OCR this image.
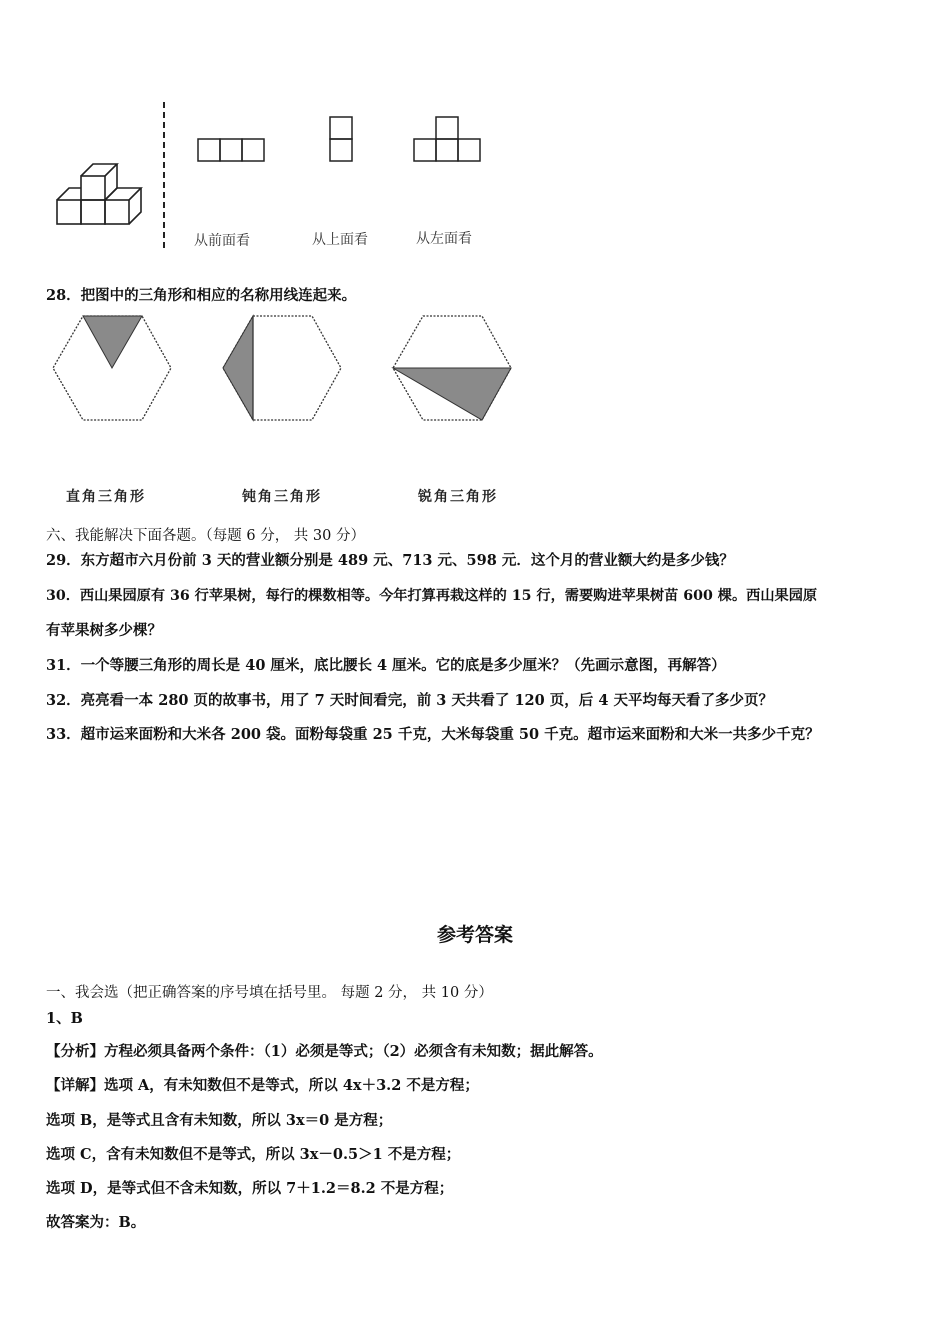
从前面看	从上面看	从左面看
28．把图中的三角形和相应的名称用线连起来。
直角三角形	钝角三角形	锐角三角形
六、我能解决下面各题。（每题 6 分， 共 30 分）
29．东方超市六月份前 3 天的营业额分别是 489 元、713 元、598 元．这个月的营业额大约是多少钱？
30．西山果园原有 36 行苹果树，每行的棵数相等。今年打算再栽这样的 15 行，需要购进苹果树苗 600 棵。西山果园原
有苹果树多少棵？
31．一个等腰三角形的周长是 40 厘米，底比腰长 4 厘米。它的底是多少厘米？（先画示意图，再解答）
32．亮亮看一本 280 页的故事书，用了 7 天时间看完，前 3 天共看了 120 页，后 4 天平均每天看了多少页？
33．超市运来面粉和大米各 200 袋。面粉每袋重 25 千克，大米每袋重 50 千克。超市运来面粉和大米一共多少千克？
参考答案
一、我会选（把正确答案的序号填在括号里。 每题 2 分， 共 10 分）
1、B
【分析】方程必须具备两个条件：（1）必须是等式；（2）必须含有未知数；据此解答。
【详解】选项 A，有未知数但不是等式，所以 4x＋3.2 不是方程；
选项 B，是等式且含有未知数，所以 3x＝0 是方程；
选项 C，含有未知数但不是等式，所以 3x－0.5＞1 不是方程；
选项 D，是等式但不含未知数，所以 7＋1.2＝8.2 不是方程；
故答案为：B。
